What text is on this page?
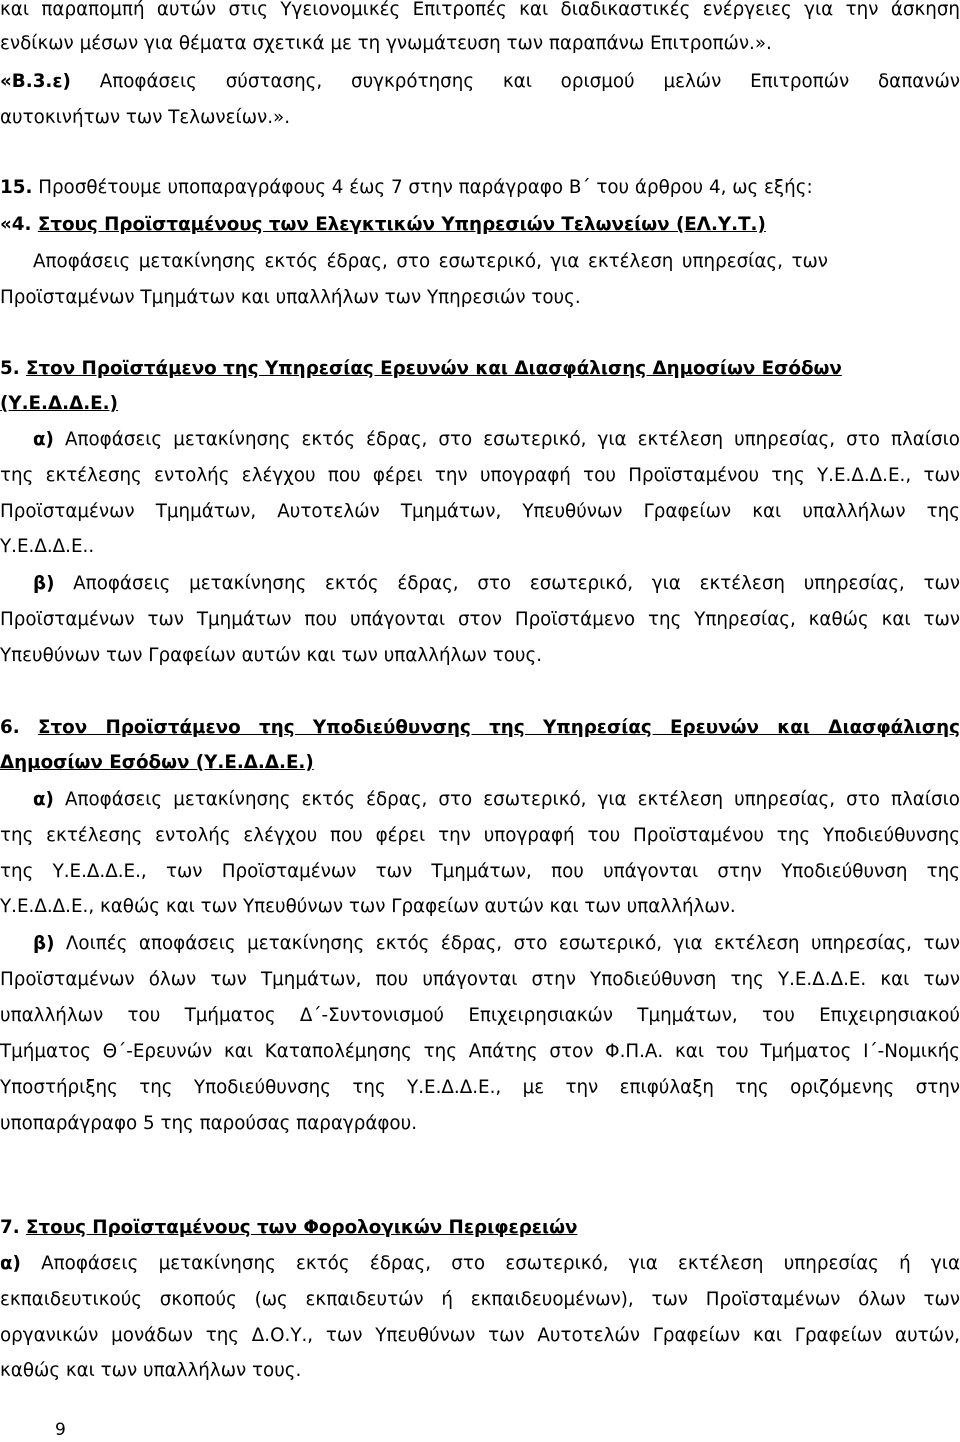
και παραπομπή αυτών στις Υγειονομικές Επιτροπές και διαδικαστικές ενέργειες για την άσκηση

ενδίκων μέσων για θέματα σχετικά με τη γνωμάτευση των παραπάνω Επιτροπών.».

«Β.3.ε) Αποφάσεις σύστασης, συγκρότησης και ορισμού μελών Επιτροπών δαπανών

αυτοκινήτων των Τελωνείων.».

15. Προσθέτουμε υποπαραγράφους 4 έως 7 στην παράγραφο Β΄ του άρθρου 4, ως εξής:

«4. Στους Προϊσταμένους των Ελεγκτικών Υπηρεσιών Τελωνείων (ΕΛ.Υ.Τ.)

Αποφάσεις μετακίνησης εκτός έδρας, στο εσωτερικό, για εκτέλεση υπηρεσίας, των

Προϊσταμένων Τμημάτων και υπαλλήλων των Υπηρεσιών τους.

5. Στον Προϊστάμενο της Υπηρεσίας Ερευνών και Διασφάλισης Δημοσίων Εσόδων

(Υ.Ε.Δ.Δ.Ε.)

α) Αποφάσεις μετακίνησης εκτός έδρας, στο εσωτερικό, για εκτέλεση υπηρεσίας, στο πλαίσιο

της εκτέλεσης εντολής ελέγχου που φέρει την υπογραφή του Προϊσταμένου της Υ.Ε.Δ.Δ.Ε., των

Προϊσταμένων Τμημάτων, Αυτοτελών Τμημάτων, Υπευθύνων Γραφείων και υπαλλήλων της

Υ.Ε.Δ.Δ.Ε..

β) Αποφάσεις μετακίνησης εκτός έδρας, στο εσωτερικό, για εκτέλεση υπηρεσίας, των

Προϊσταμένων των Τμημάτων που υπάγονται στον Προϊστάμενο της Υπηρεσίας, καθώς και των

Υπευθύνων των Γραφείων αυτών και των υπαλλήλων τους.

6. Στον Προϊστάμενο της Υποδιεύθυνσης της Υπηρεσίας Ερευνών και Διασφάλισης

Δημοσίων Εσόδων (Υ.Ε.Δ.Δ.Ε.)

α) Αποφάσεις μετακίνησης εκτός έδρας, στο εσωτερικό, για εκτέλεση υπηρεσίας, στο πλαίσιο

της εκτέλεσης εντολής ελέγχου που φέρει την υπογραφή του Προϊσταμένου της Υποδιεύθυνσης

της Υ.Ε.Δ.Δ.Ε., των Προϊσταμένων των Τμημάτων, που υπάγονται στην Υποδιεύθυνση της

Υ.Ε.Δ.Δ.Ε., καθώς και των Υπευθύνων των Γραφείων αυτών και των υπαλλήλων.

β) Λοιπές αποφάσεις μετακίνησης εκτός έδρας, στο εσωτερικό, για εκτέλεση υπηρεσίας, των

Προϊσταμένων όλων των Τμημάτων, που υπάγονται στην Υποδιεύθυνση της Υ.Ε.Δ.Δ.Ε. και των

υπαλλήλων του Τμήματος Δ΄-Συντονισμού Επιχειρησιακών Τμημάτων, του Επιχειρησιακού

Τμήματος Θ΄-Ερευνών και Καταπολέμησης της Απάτης στον Φ.Π.Α. και του Τμήματος Ι΄-Νομικής

Υποστήριξης της Υποδιεύθυνσης της Υ.Ε.Δ.Δ.Ε., με την επιφύλαξη της οριζόμενης στην

υποπαράγραφο 5 της παρούσας παραγράφου.

7. Στους Προϊσταμένους των Φορολογικών Περιφερειών

α) Αποφάσεις μετακίνησης εκτός έδρας, στο εσωτερικό, για εκτέλεση υπηρεσίας ή για

εκπαιδευτικούς σκοπούς (ως εκπαιδευτών ή εκπαιδευομένων), των Προϊσταμένων όλων των

οργανικών μονάδων της Δ.Ο.Υ., των Υπευθύνων των Αυτοτελών Γραφείων και Γραφείων αυτών,

καθώς και των υπαλλήλων τους.

9
